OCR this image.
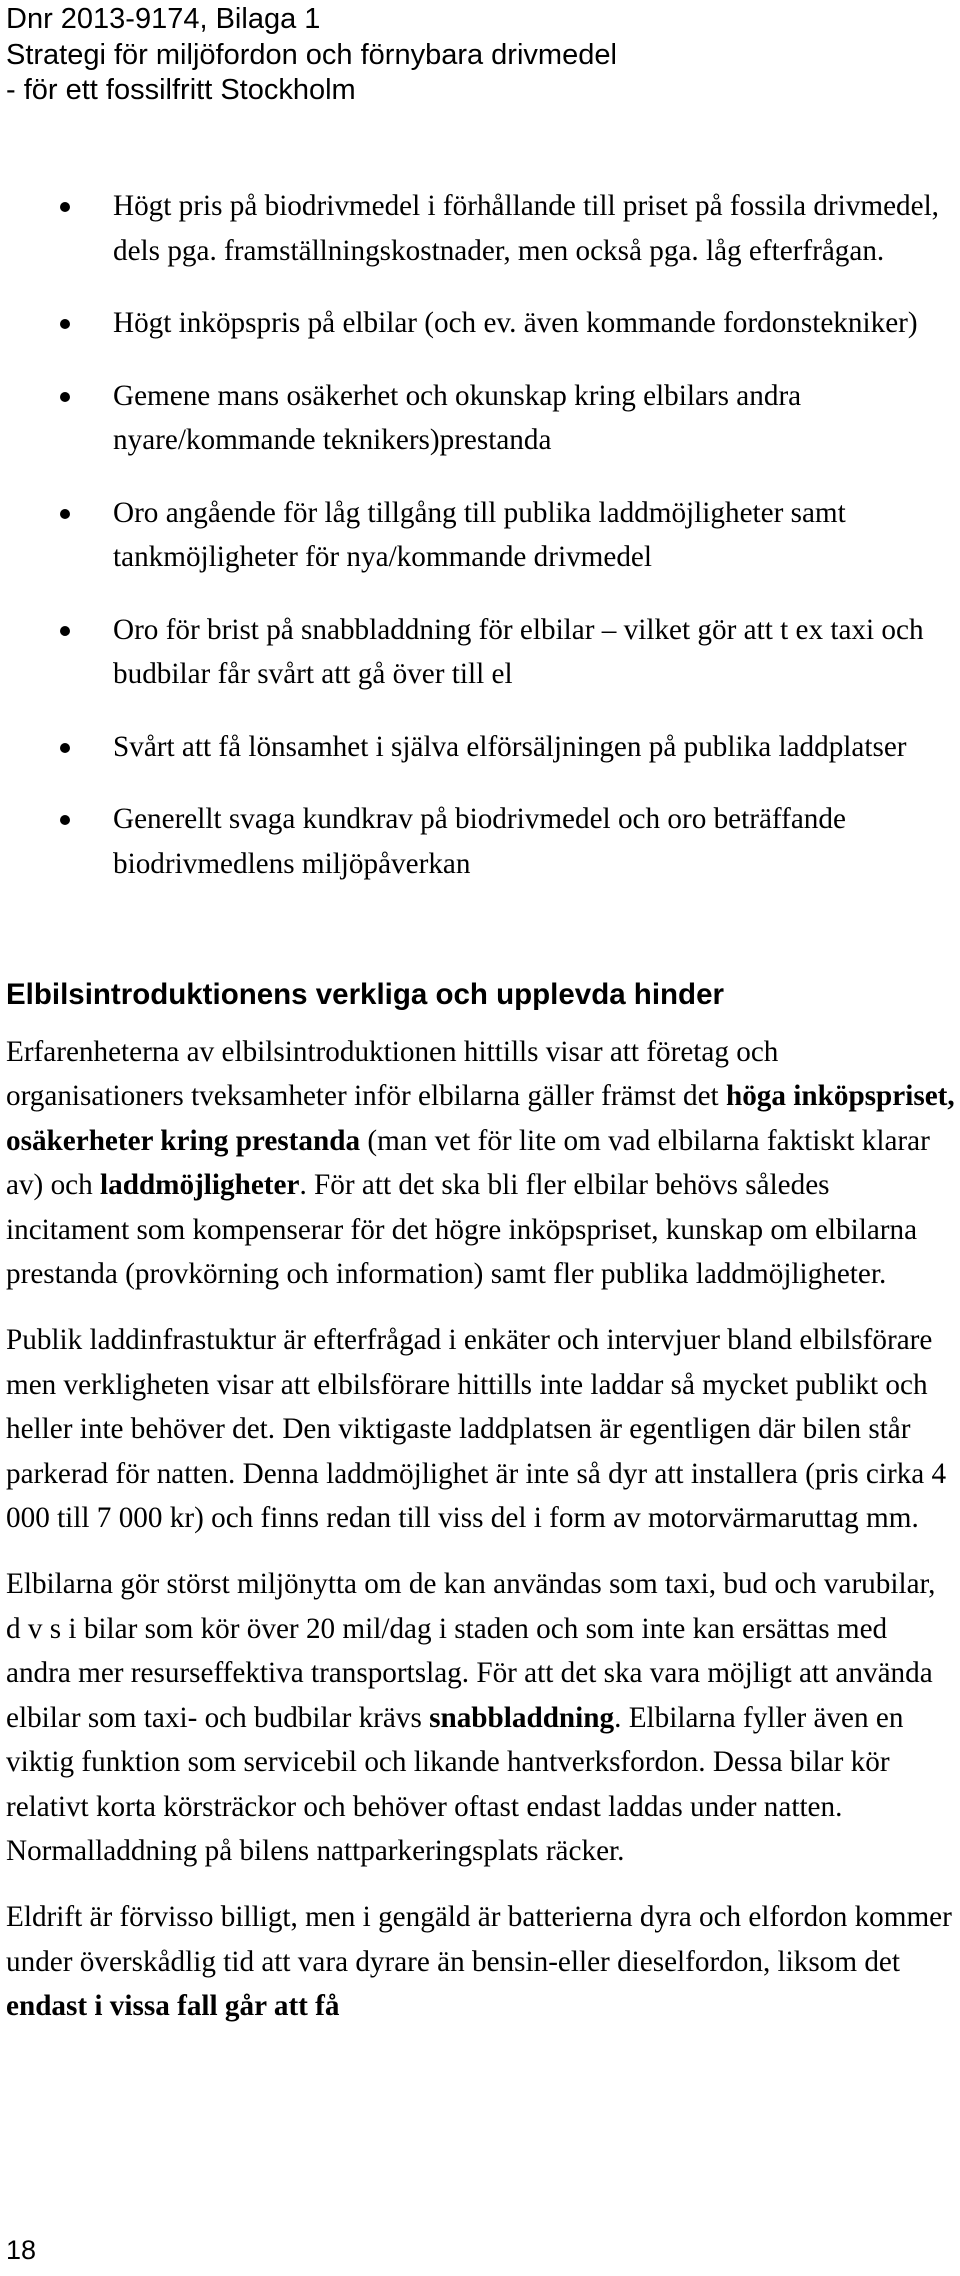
Dnr 2013-9174, Bilaga 1
Strategi för miljöfordon och förnybara drivmedel
- för ett fossilfritt Stockholm
Högt pris på biodrivmedel i förhållande till priset på fossila drivmedel, dels pga. framställningskostnader, men också pga. låg efterfrågan.
Högt inköpspris på elbilar (och ev. även kommande fordonstekniker)
Gemene mans osäkerhet och okunskap kring elbilars andra nyare/kommande teknikers)prestanda
Oro angående för låg tillgång till publika laddmöjligheter samt tankmöjligheter för nya/kommande drivmedel
Oro för brist på snabbladdning för elbilar – vilket gör att t ex taxi och budbilar får svårt att gå över till el
Svårt att få lönsamhet i själva elförsäljningen på publika laddplatser
Generellt svaga kundkrav på biodrivmedel och oro beträffande biodrivmedlens miljöpåverkan
Elbilsintroduktionens verkliga och upplevda hinder

Erfarenheterna av elbilsintroduktionen hittills visar att företag och organisationers tveksamheter inför elbilarna gäller främst det höga inköpspriset, osäkerheter kring prestanda (man vet för lite om vad elbilarna faktiskt klarar av) och laddmöjligheter. För att det ska bli fler elbilar behövs således incitament som kompenserar för det högre inköpspriset, kunskap om elbilarna prestanda (provkörning och information) samt fler publika laddmöjligheter.

Publik laddinfrastuktur är efterfrågad i enkäter och intervjuer bland elbilsförare men verkligheten visar att elbilsförare hittills inte laddar så mycket publikt och heller inte behöver det. Den viktigaste laddplatsen är egentligen där bilen står parkerad för natten. Denna laddmöjlighet är inte så dyr att installera (pris cirka 4 000 till 7 000 kr) och finns redan till viss del i form av motorvärmaruttag mm.

Elbilarna gör störst miljönytta om de kan användas som taxi, bud och varubilar, d v s i bilar som kör över 20 mil/dag i staden och som inte kan ersättas med andra mer resurseffektiva transportslag. För att det ska vara möjligt att använda elbilar som taxi- och budbilar krävs snabbladdning. Elbilarna fyller även en viktig funktion som servicebil och likande hantverksfordon. Dessa bilar kör relativt korta körsträckor och behöver oftast endast laddas under natten. Normalladdning på bilens nattparkeringsplats räcker.

Eldrift är förvisso billigt, men i gengäld är batterierna dyra och elfordon kommer under överskådlig tid att vara dyrare än bensin-eller dieselfordon, liksom det endast i vissa fall går att få

18
